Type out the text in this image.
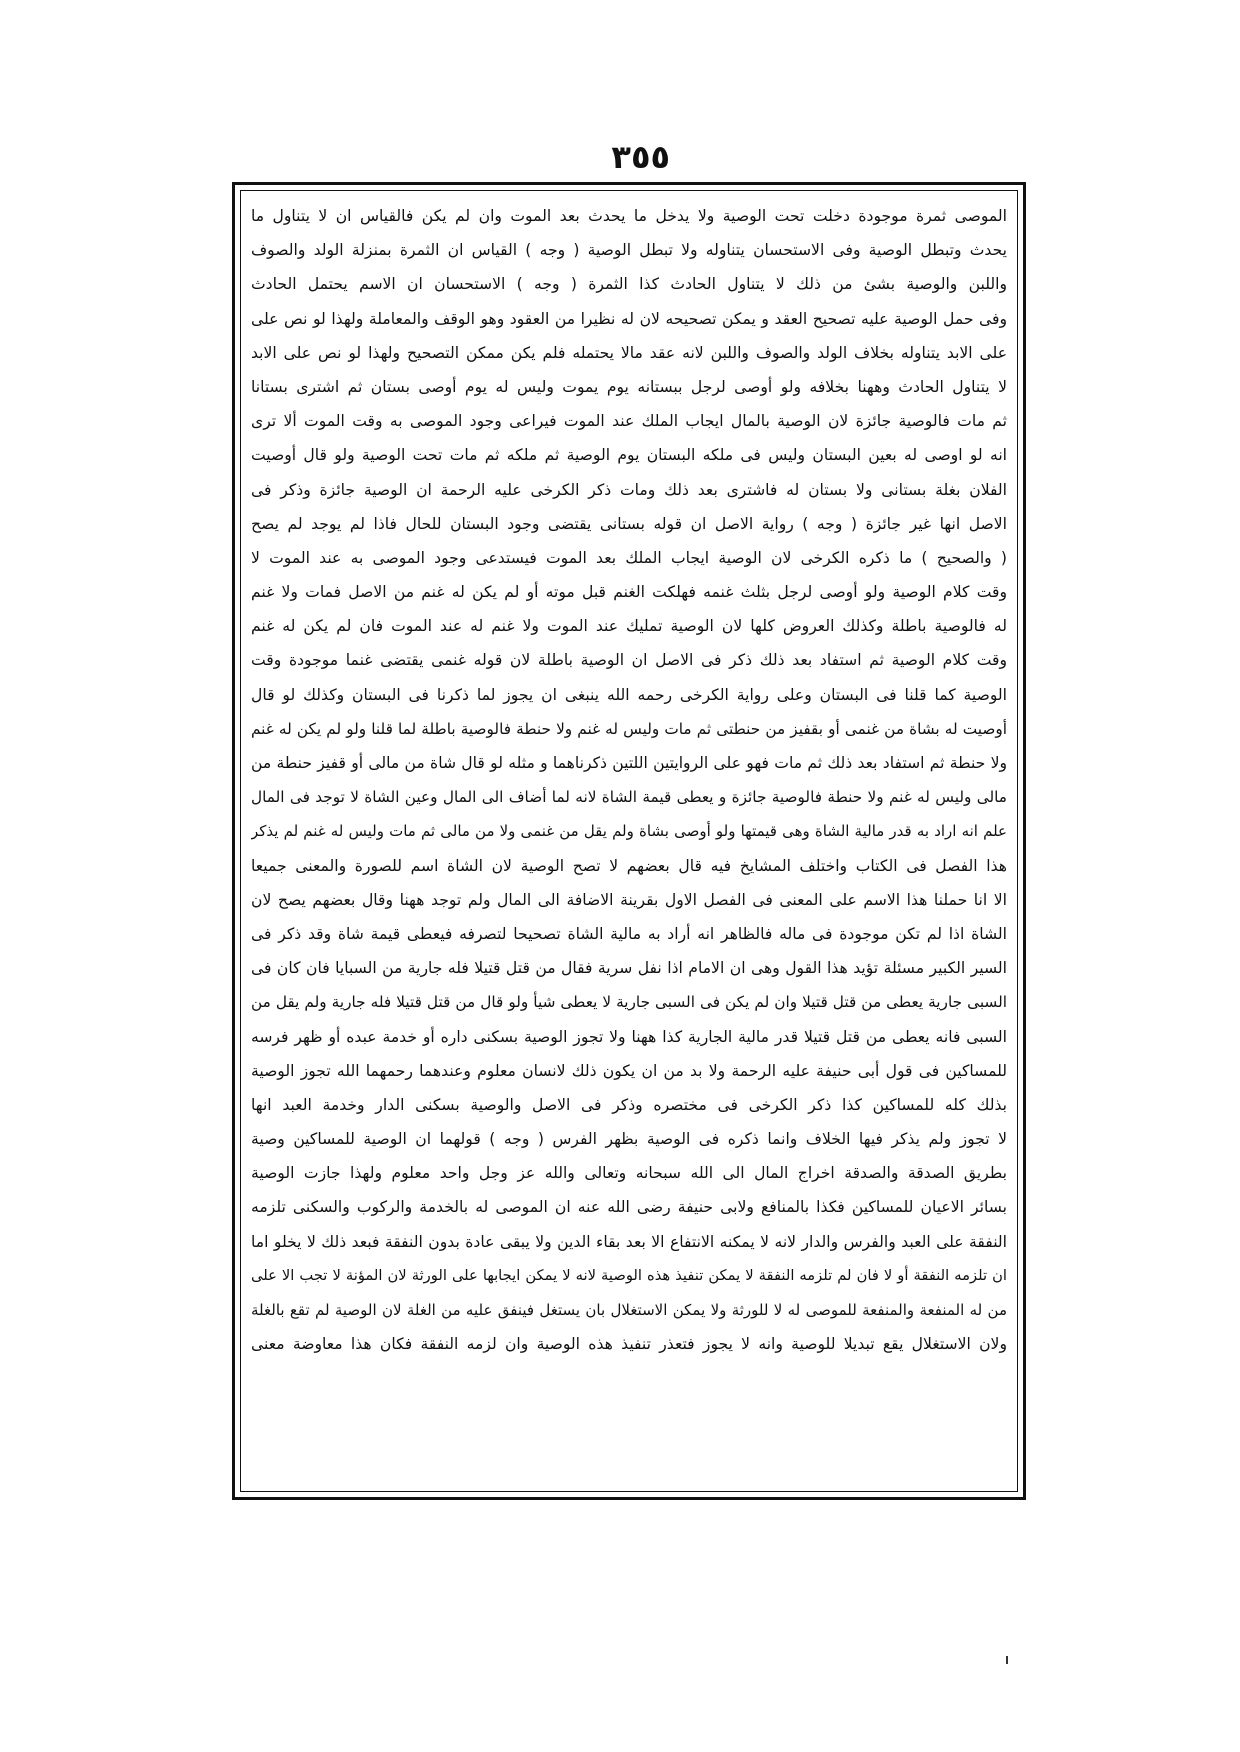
٣٥٥
الموصى ثمرة موجودة دخلت تحت الوصية ولا يدخل ما يحدث بعد الموت وان لم يكن فالقياس ان لا يتناول ما
يحدث وتبطل الوصية وفى الاستحسان يتناوله ولا تبطل الوصية ( وجه ) القياس ان الثمرة بمنزلة الولد والصوف
واللبن والوصية بشئ من ذلك لا يتناول الحادث كذا الثمرة ( وجه ) الاستحسان ان الاسم يحتمل الحادث
وفى حمل الوصية عليه تصحيح العقد و يمكن تصحيحه لان له نظيرا من العقود وهو الوقف والمعاملة ولهذا لو نص على
على الابد يتناوله بخلاف الولد والصوف واللبن لانه عقد مالا يحتمله فلم يكن ممكن التصحيح ولهذا لو نص على الابد
لا يتناول الحادث وههنا بخلافه ولو أوصى لرجل ببستانه يوم يموت وليس له يوم أوصى بستان ثم اشترى بستانا
ثم مات فالوصية جائزة لان الوصية بالمال ايجاب الملك عند الموت فيراعى وجود الموصى به وقت الموت ألا ترى
انه لو اوصى له بعين البستان وليس فى ملكه البستان يوم الوصية ثم ملكه ثم مات تحت الوصية ولو قال أوصيت
الفلان بغلة بستانى ولا بستان له فاشترى بعد ذلك ومات ذكر الكرخى عليه الرحمة ان الوصية جائزة وذكر فى
الاصل انها غير جائزة ( وجه ) رواية الاصل ان قوله بستانى يقتضى وجود البستان للحال فاذا لم يوجد لم يصح
( والصحيح ) ما ذكره الكرخى لان الوصية ايجاب الملك بعد الموت فيستدعى وجود الموصى به عند الموت لا
وقت كلام الوصية ولو أوصى لرجل بثلث غنمه فهلكت الغنم قبل موته أو لم يكن له غنم من الاصل فمات ولا غنم
له فالوصية باطلة وكذلك العروض كلها لان الوصية تمليك عند الموت ولا غنم له عند الموت فان لم يكن له غنم
وقت كلام الوصية ثم استفاد بعد ذلك ذكر فى الاصل ان الوصية باطلة لان قوله غنمى يقتضى غنما موجودة وقت
الوصية كما قلنا فى البستان وعلى رواية الكرخى رحمه الله ينبغى ان يجوز لما ذكرنا فى البستان وكذلك لو قال
أوصيت له بشاة من غنمى أو بقفيز من حنطتى ثم مات وليس له غنم ولا حنطة فالوصية باطلة لما قلنا ولو لم يكن له غنم
ولا حنطة ثم استفاد بعد ذلك ثم مات فهو على الروايتين اللتين ذكرناهما و مثله لو قال شاة من مالى أو قفيز حنطة من
مالى وليس له غنم ولا حنطة فالوصية جائزة و يعطى قيمة الشاة لانه لما أضاف الى المال وعين الشاة لا توجد فى المال
علم انه اراد به قدر مالية الشاة وهى قيمتها ولو أوصى بشاة ولم يقل من غنمى ولا من مالى ثم مات وليس له غنم لم يذكر
هذا الفصل فى الكتاب واختلف المشايخ فيه قال بعضهم لا تصح الوصية لان الشاة اسم للصورة والمعنى جميعا
الا انا حملنا هذا الاسم على المعنى فى الفصل الاول بقرينة الاضافة الى المال ولم توجد ههنا وقال بعضهم يصح لان
الشاة اذا لم تكن موجودة فى ماله فالظاهر انه أراد به مالية الشاة تصحيحا لتصرفه فيعطى قيمة شاة وقد ذكر فى
السير الكبير مسئلة تؤيد هذا القول وهى ان الامام اذا نفل سرية فقال من قتل قتيلا فله جارية من السبايا فان كان فى
السبى جارية يعطى من قتل قتيلا وان لم يكن فى السبى جارية لا يعطى شيأ ولو قال من قتل قتيلا فله جارية ولم يقل من
السبى فانه يعطى من قتل قتيلا قدر مالية الجارية كذا ههنا ولا تجوز الوصية بسكنى داره أو خدمة عبده أو ظهر فرسه
للمساكين فى قول أبى حنيفة عليه الرحمة ولا بد من ان يكون ذلك لانسان معلوم وعندهما رحمهما الله تجوز الوصية
بذلك كله للمساكين كذا ذكر الكرخى فى مختصره وذكر فى الاصل والوصية بسكنى الدار وخدمة العبد انها
لا تجوز ولم يذكر فيها الخلاف وانما ذكره فى الوصية بظهر الفرس ( وجه ) قولهما ان الوصية للمساكين وصية
بطريق الصدقة والصدقة اخراج المال الى الله سبحانه وتعالى والله عز وجل واحد معلوم ولهذا جازت الوصية
بسائر الاعيان للمساكين فكذا بالمنافع ولابى حنيفة رضى الله عنه ان الموصى له بالخدمة والركوب والسكنى تلزمه
النفقة على العبد والفرس والدار لانه لا يمكنه الانتفاع الا بعد بقاء الدين ولا يبقى عادة بدون النفقة فبعد ذلك لا يخلو اما
ان تلزمه النفقة أو لا فان لم تلزمه النفقة لا يمكن تنفيذ هذه الوصية لانه لا يمكن ايجابها على الورثة لان المؤنة لا تجب الا على
من له المنفعة والمنفعة للموصى له لا للورثة ولا يمكن الاستغلال بان يستغل فينفق عليه من الغلة لان الوصية لم تقع بالغلة
ولان الاستغلال يقع تبديلا للوصية وانه لا يجوز فتعذر تنفيذ هذه الوصية وان لزمه النفقة فكان هذا معاوضة معنى
